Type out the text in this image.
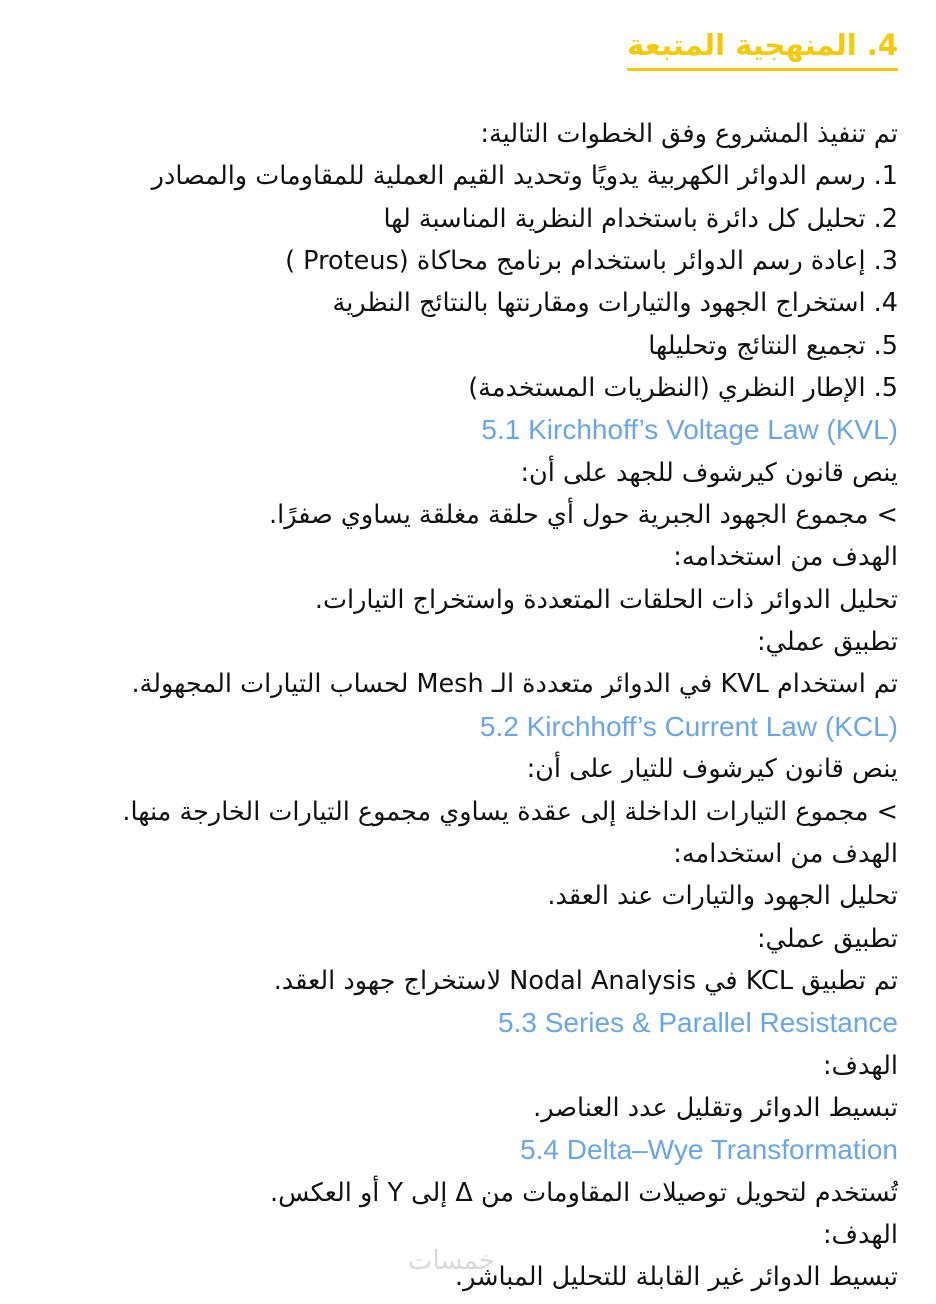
4. المنهجية المتبعة
تم تنفيذ المشروع وفق الخطوات التالية:
1. رسم الدوائر الكهربية يدويًا وتحديد القيم العملية للمقاومات والمصادر
2. تحليل كل دائرة باستخدام النظرية المناسبة لها
3. إعادة رسم الدوائر باستخدام برنامج محاكاة (Proteus )
4. استخراج الجهود والتيارات ومقارنتها بالنتائج النظرية
5. تجميع النتائج وتحليلها
5. الإطار النظري (النظريات المستخدمة)
5.1 Kirchhoff’s Voltage Law (KVL)
ينص قانون كيرشوف للجهد على أن:
> مجموع الجهود الجبرية حول أي حلقة مغلقة يساوي صفرًا.
الهدف من استخدامه:
تحليل الدوائر ذات الحلقات المتعددة واستخراج التيارات.
تطبيق عملي:
تم استخدام KVL في الدوائر متعددة الـ Mesh لحساب التيارات المجهولة.
5.2 Kirchhoff’s Current Law (KCL)
ينص قانون كيرشوف للتيار على أن:
> مجموع التيارات الداخلة إلى عقدة يساوي مجموع التيارات الخارجة منها.
الهدف من استخدامه:
تحليل الجهود والتيارات عند العقد.
تطبيق عملي:
تم تطبيق KCL في Nodal Analysis لاستخراج جهود العقد.
5.3 Series & Parallel Resistance
الهدف:
تبسيط الدوائر وتقليل عدد العناصر.
5.4 Delta–Wye Transformation
تُستخدم لتحويل توصيلات المقاومات من Δ إلى Y أو العكس.
الهدف:
تبسيط الدوائر غير القابلة للتحليل المباشر.
خمسات
